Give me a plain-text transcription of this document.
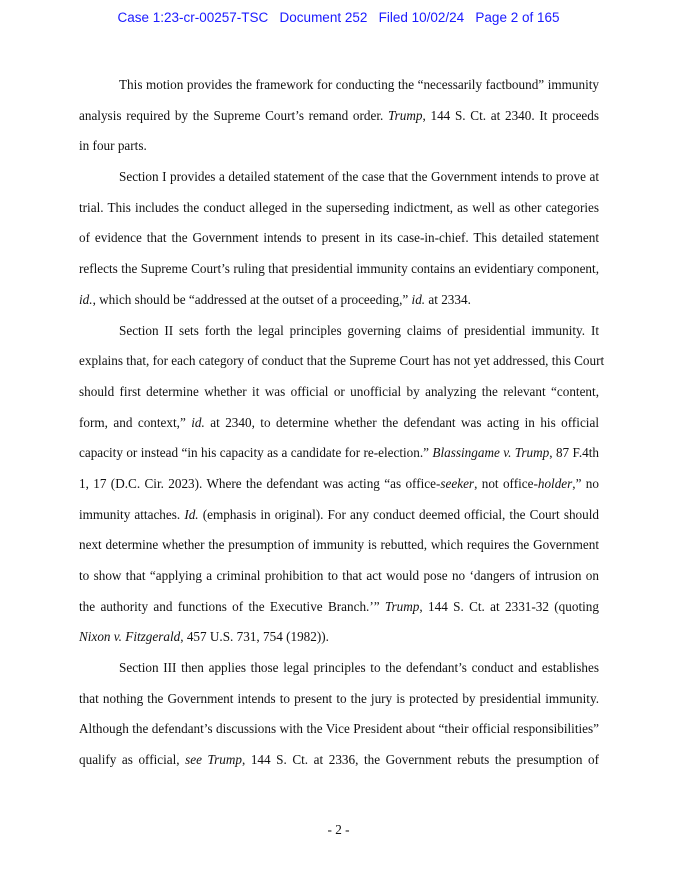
Case 1:23-cr-00257-TSC   Document 252   Filed 10/02/24   Page 2 of 165
This motion provides the framework for conducting the “necessarily factbound” immunity
analysis required by the Supreme Court’s remand order. Trump, 144 S. Ct. at 2340. It proceeds
in four parts.
Section I provides a detailed statement of the case that the Government intends to prove at
trial. This includes the conduct alleged in the superseding indictment, as well as other categories
of evidence that the Government intends to present in its case-in-chief. This detailed statement
reflects the Supreme Court’s ruling that presidential immunity contains an evidentiary component,
id., which should be “addressed at the outset of a proceeding,” id. at 2334.
Section II sets forth the legal principles governing claims of presidential immunity. It
explains that, for each category of conduct that the Supreme Court has not yet addressed, this Court
should first determine whether it was official or unofficial by analyzing the relevant “content,
form, and context,” id. at 2340, to determine whether the defendant was acting in his official
capacity or instead “in his capacity as a candidate for re-election.” Blassingame v. Trump, 87 F.4th
1, 17 (D.C. Cir. 2023). Where the defendant was acting “as office-seeker, not office-holder,” no
immunity attaches. Id. (emphasis in original). For any conduct deemed official, the Court should
next determine whether the presumption of immunity is rebutted, which requires the Government
to show that “applying a criminal prohibition to that act would pose no ‘dangers of intrusion on
the authority and functions of the Executive Branch.’” Trump, 144 S. Ct. at 2331-32 (quoting
Nixon v. Fitzgerald, 457 U.S. 731, 754 (1982)).
Section III then applies those legal principles to the defendant’s conduct and establishes
that nothing the Government intends to present to the jury is protected by presidential immunity.
Although the defendant’s discussions with the Vice President about “their official responsibilities”
qualify as official, see Trump, 144 S. Ct. at 2336, the Government rebuts the presumption of
- 2 -
